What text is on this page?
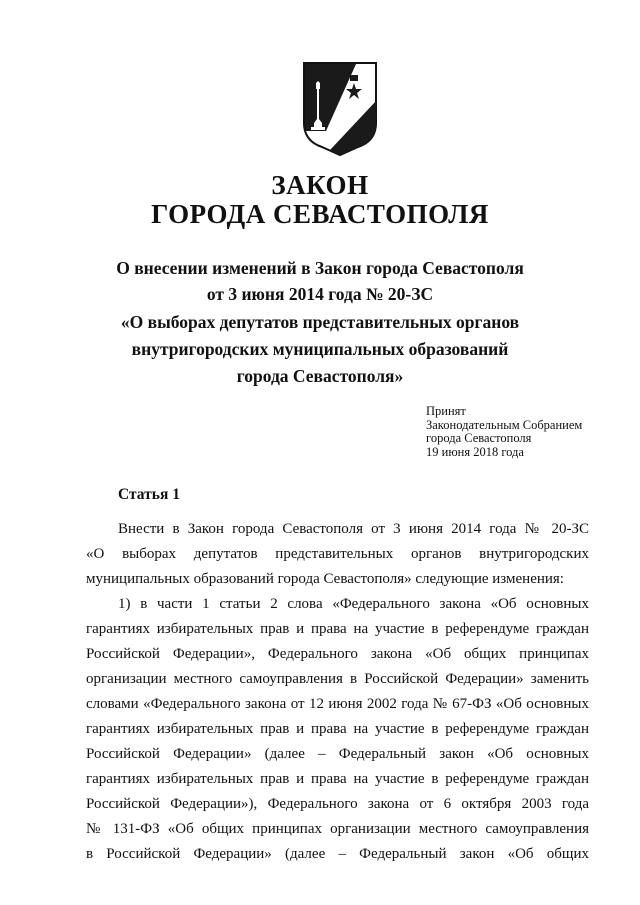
ЗАКОН
ГОРОДА СЕВАСТОПОЛЯ
О внесении изменений в Закон города Севастополя
от 3 июня 2014 года № 20-ЗС
«О выборах депутатов представительных органов
внутригородских муниципальных образований
города Севастополя»
Принят
Законодательным Собранием
города Севастополя
19 июня 2018 года
Статья 1
Внести в Закон города Севастополя от 3 июня 2014 года № 20-ЗС
«О выборах депутатов представительных органов внутригородских
муниципальных образований города Севастополя» следующие изменения:
1) в части 1 статьи 2 слова «Федерального закона «Об основных
гарантиях избирательных прав и права на участие в референдуме граждан
Российской Федерации», Федерального закона «Об общих принципах
организации местного самоуправления в Российской Федерации» заменить
словами «Федерального закона от 12 июня 2002 года № 67-ФЗ «Об основных
гарантиях избирательных прав и права на участие в референдуме граждан
Российской Федерации» (далее – Федеральный закон «Об основных
гарантиях избирательных прав и права на участие в референдуме граждан
Российской Федерации»), Федерального закона от 6 октября 2003 года
№ 131-ФЗ «Об общих принципах организации местного самоуправления
в Российской Федерации» (далее – Федеральный закон «Об общих
